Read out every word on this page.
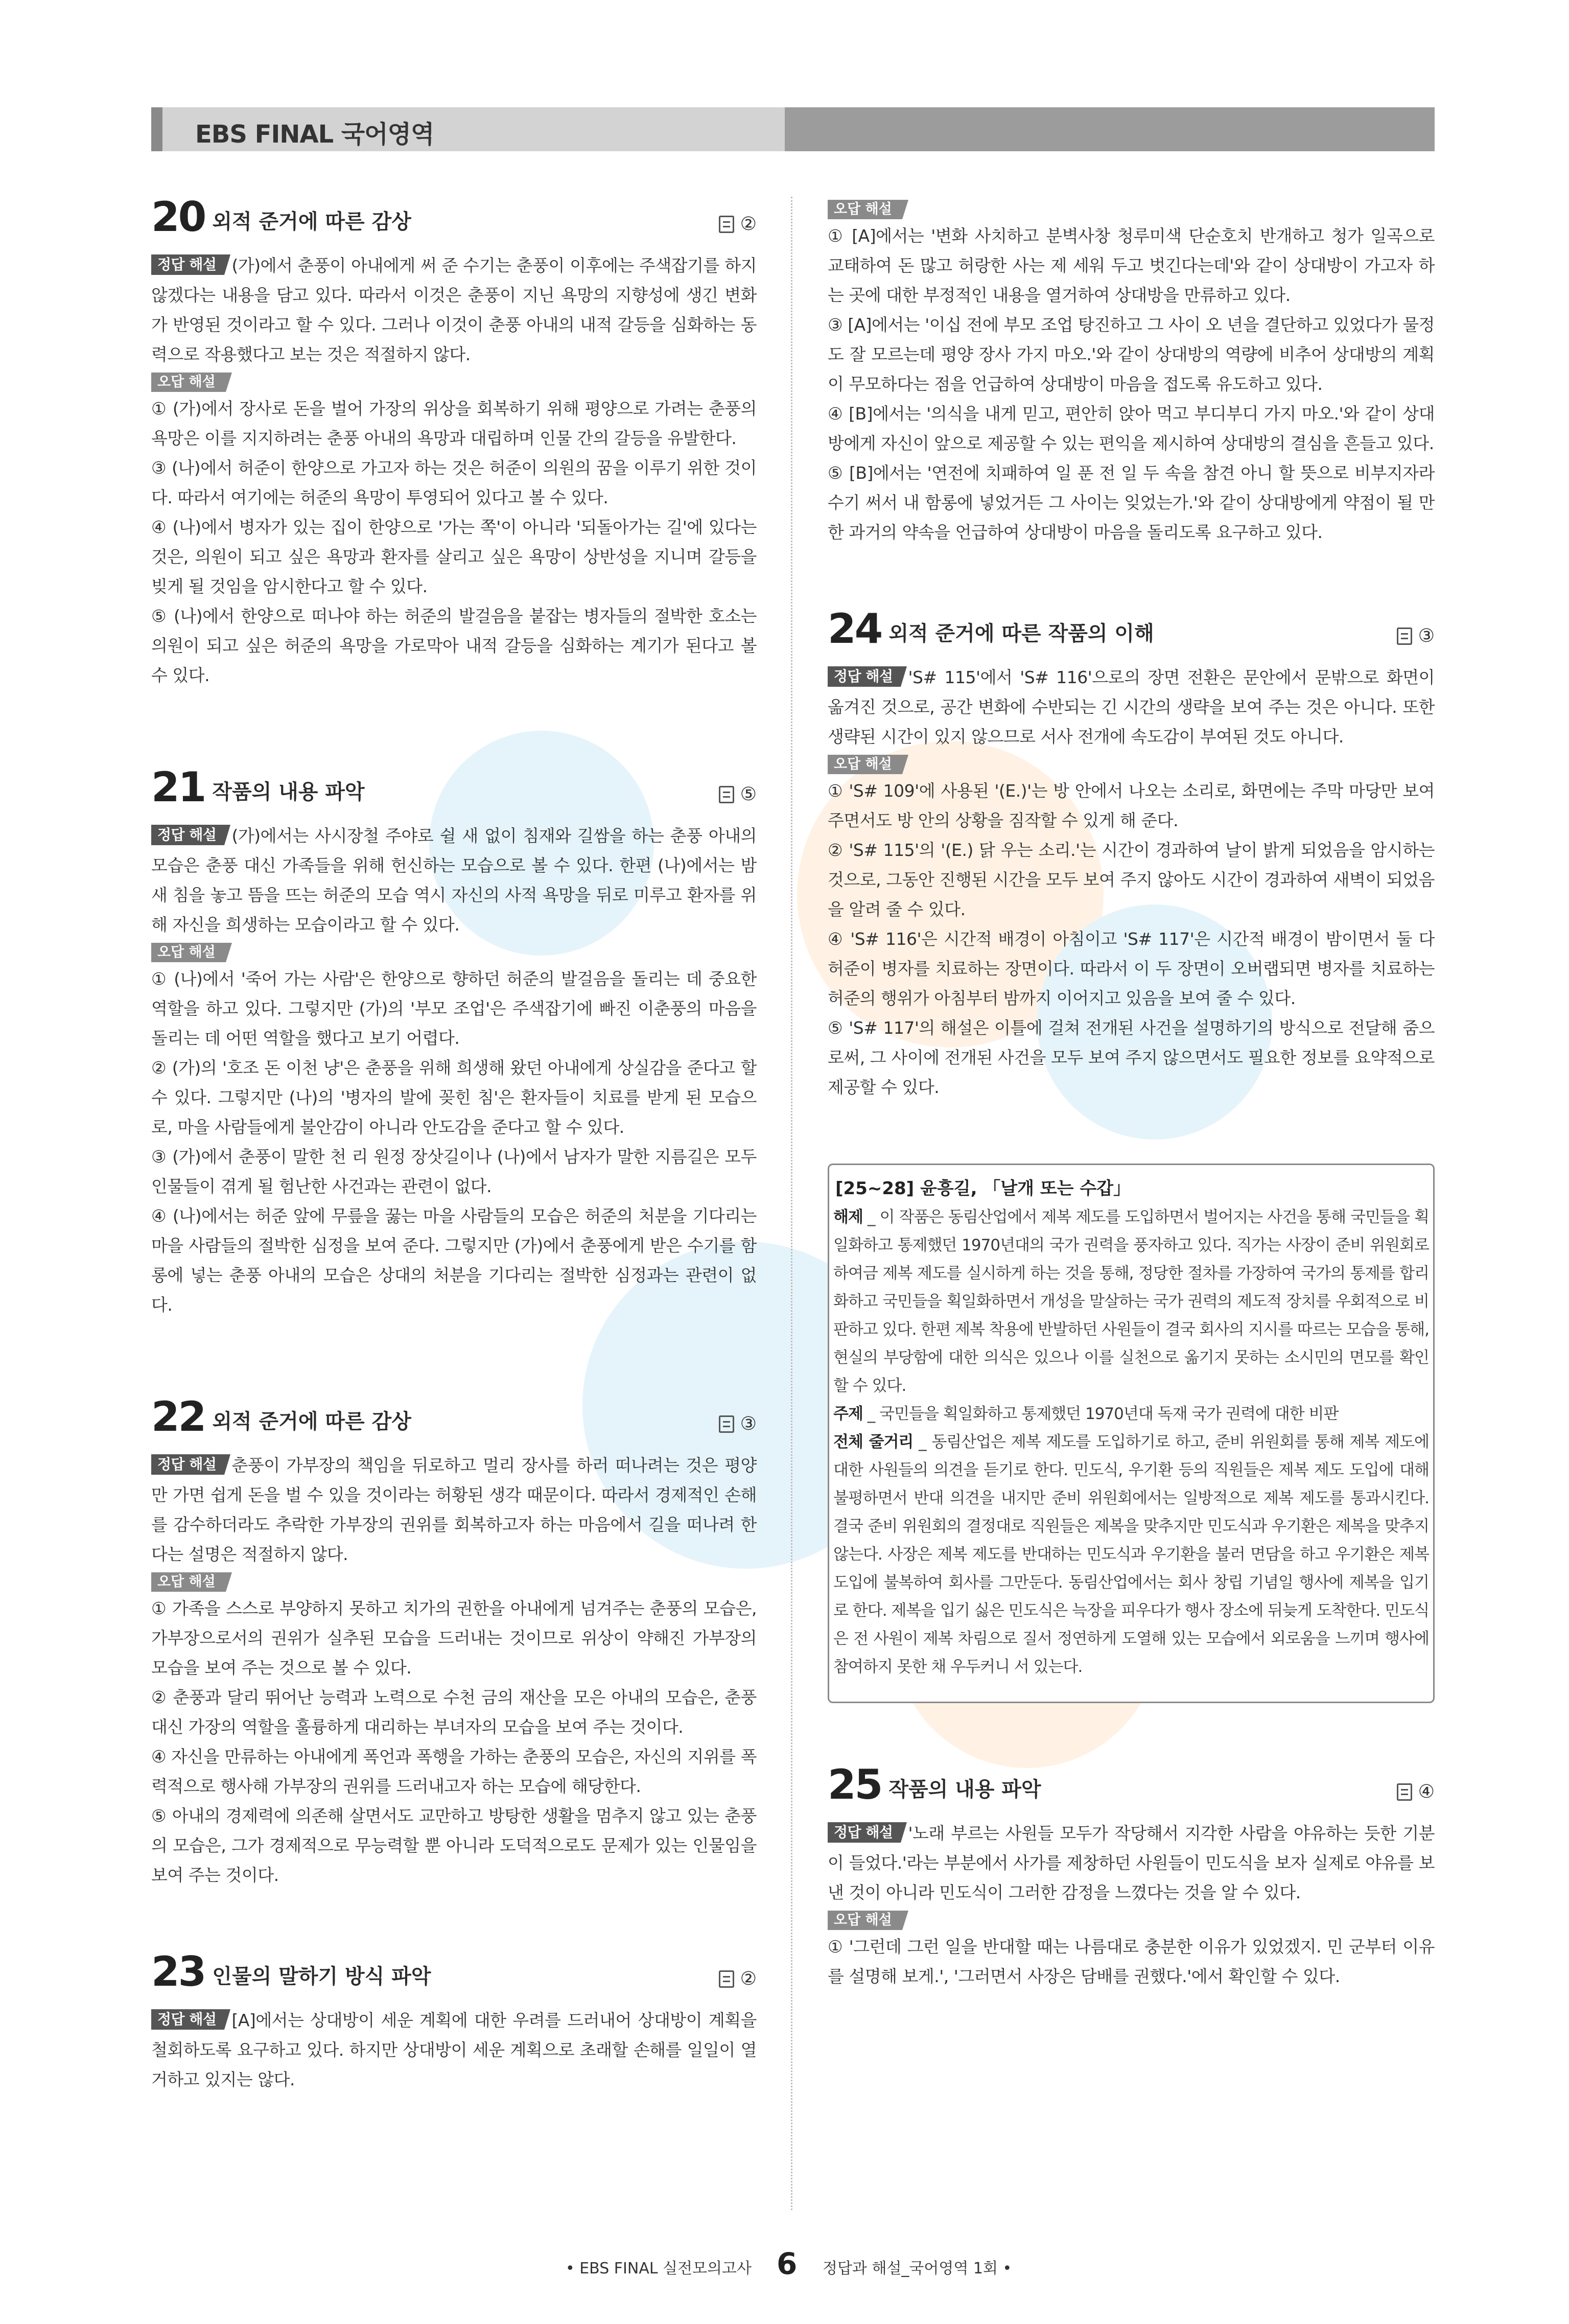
EBS FINAL 국어영역
20 외적 준거에 따른 감상	②

정답 해설 (가)에서 춘풍이 아내에게 써 준 수기는 춘풍이 이후에는 주색잡기를 하지 않겠다는 내용을 담고 있다. 따라서 이것은 춘풍이 지닌 욕망의 지향성에 생긴 변화가 반영된 것이라고 할 수 있다. 그러나 이것이 춘풍 아내의 내적 갈등을 심화하는 동력으로 작용했다고 보는 것은 적절하지 않다.

오답 해설

① (가)에서 장사로 돈을 벌어 가장의 위상을 회복하기 위해 평양으로 가려는 춘풍의 욕망은 이를 지지하려는 춘풍 아내의 욕망과 대립하며 인물 간의 갈등을 유발한다.

③ (나)에서 허준이 한양으로 가고자 하는 것은 허준이 의원의 꿈을 이루기 위한 것이다. 따라서 여기에는 허준의 욕망이 투영되어 있다고 볼 수 있다.

④ (나)에서 병자가 있는 집이 한양으로 '가는 쪽'이 아니라 '되돌아가는 길'에 있다는 것은, 의원이 되고 싶은 욕망과 환자를 살리고 싶은 욕망이 상반성을 지니며 갈등을 빚게 될 것임을 암시한다고 할 수 있다.

⑤ (나)에서 한양으로 떠나야 하는 허준의 발걸음을 붙잡는 병자들의 절박한 호소는 의원이 되고 싶은 허준의 욕망을 가로막아 내적 갈등을 심화하는 계기가 된다고 볼 수 있다.

21 작품의 내용 파악	⑤

정답 해설 (가)에서는 사시장철 주야로 쉴 새 없이 침재와 길쌈을 하는 춘풍 아내의 모습은 춘풍 대신 가족들을 위해 헌신하는 모습으로 볼 수 있다. 한편 (나)에서는 밤새 침을 놓고 뜸을 뜨는 허준의 모습 역시 자신의 사적 욕망을 뒤로 미루고 환자를 위해 자신을 희생하는 모습이라고 할 수 있다.

오답 해설

① (나)에서 '죽어 가는 사람'은 한양으로 향하던 허준의 발걸음을 돌리는 데 중요한 역할을 하고 있다. 그렇지만 (가)의 '부모 조업'은 주색잡기에 빠진 이춘풍의 마음을 돌리는 데 어떤 역할을 했다고 보기 어렵다.

② (가)의 '호조 돈 이천 냥'은 춘풍을 위해 희생해 왔던 아내에게 상실감을 준다고 할 수 있다. 그렇지만 (나)의 '병자의 발에 꽂힌 침'은 환자들이 치료를 받게 된 모습으로, 마을 사람들에게 불안감이 아니라 안도감을 준다고 할 수 있다.

③ (가)에서 춘풍이 말한 천 리 원정 장삿길이나 (나)에서 남자가 말한 지름길은 모두 인물들이 겪게 될 험난한 사건과는 관련이 없다.

④ (나)에서는 허준 앞에 무릎을 꿇는 마을 사람들의 모습은 허준의 처분을 기다리는 마을 사람들의 절박한 심정을 보여 준다. 그렇지만 (가)에서 춘풍에게 받은 수기를 함롱에 넣는 춘풍 아내의 모습은 상대의 처분을 기다리는 절박한 심정과는 관련이 없다.

22 외적 준거에 따른 감상	③

정답 해설 춘풍이 가부장의 책임을 뒤로하고 멀리 장사를 하러 떠나려는 것은 평양만 가면 쉽게 돈을 벌 수 있을 것이라는 허황된 생각 때문이다. 따라서 경제적인 손해를 감수하더라도 추락한 가부장의 권위를 회복하고자 하는 마음에서 길을 떠나려 한다는 설명은 적절하지 않다.

오답 해설

① 가족을 스스로 부양하지 못하고 치가의 권한을 아내에게 넘겨주는 춘풍의 모습은, 가부장으로서의 권위가 실추된 모습을 드러내는 것이므로 위상이 약해진 가부장의 모습을 보여 주는 것으로 볼 수 있다.

② 춘풍과 달리 뛰어난 능력과 노력으로 수천 금의 재산을 모은 아내의 모습은, 춘풍 대신 가장의 역할을 훌륭하게 대리하는 부녀자의 모습을 보여 주는 것이다.

④ 자신을 만류하는 아내에게 폭언과 폭행을 가하는 춘풍의 모습은, 자신의 지위를 폭력적으로 행사해 가부장의 권위를 드러내고자 하는 모습에 해당한다.

⑤ 아내의 경제력에 의존해 살면서도 교만하고 방탕한 생활을 멈추지 않고 있는 춘풍의 모습은, 그가 경제적으로 무능력할 뿐 아니라 도덕적으로도 문제가 있는 인물임을 보여 주는 것이다.

23 인물의 말하기 방식 파악	②

정답 해설 [A]에서는 상대방이 세운 계획에 대한 우려를 드러내어 상대방이 계획을 철회하도록 요구하고 있다. 하지만 상대방이 세운 계획으로 초래할 손해를 일일이 열거하고 있지는 않다.

오답 해설

① [A]에서는 '변화 사치하고 분벽사창 청루미색 단순호치 반개하고 청가 일곡으로 교태하여 돈 많고 허랑한 사는 제 세워 두고 벗긴다는데'와 같이 상대방이 가고자 하는 곳에 대한 부정적인 내용을 열거하여 상대방을 만류하고 있다.

③ [A]에서는 '이십 전에 부모 조업 탕진하고 그 사이 오 년을 결단하고 있었다가 물정도 잘 모르는데 평양 장사 가지 마오.'와 같이 상대방의 역량에 비추어 상대방의 계획이 무모하다는 점을 언급하여 상대방이 마음을 접도록 유도하고 있다.

④ [B]에서는 '의식을 내게 믿고, 편안히 앉아 먹고 부디부디 가지 마오.'와 같이 상대방에게 자신이 앞으로 제공할 수 있는 편익을 제시하여 상대방의 결심을 흔들고 있다.

⑤ [B]에서는 '연전에 치패하여 일 푼 전 일 두 속을 참견 아니 할 뜻으로 비부지자라 수기 써서 내 함롱에 넣었거든 그 사이는 잊었는가.'와 같이 상대방에게 약점이 될 만한 과거의 약속을 언급하여 상대방이 마음을 돌리도록 요구하고 있다.

24 외적 준거에 따른 작품의 이해	③

정답 해설 'S# 115'에서 'S# 116'으로의 장면 전환은 문안에서 문밖으로 화면이 옮겨진 것으로, 공간 변화에 수반되는 긴 시간의 생략을 보여 주는 것은 아니다. 또한 생략된 시간이 있지 않으므로 서사 전개에 속도감이 부여된 것도 아니다.

오답 해설

① 'S# 109'에 사용된 '(E.)'는 방 안에서 나오는 소리로, 화면에는 주막 마당만 보여 주면서도 방 안의 상황을 짐작할 수 있게 해 준다.

② 'S# 115'의 '(E.) 닭 우는 소리.'는 시간이 경과하여 날이 밝게 되었음을 암시하는 것으로, 그동안 진행된 시간을 모두 보여 주지 않아도 시간이 경과하여 새벽이 되었음을 알려 줄 수 있다.

④ 'S# 116'은 시간적 배경이 아침이고 'S# 117'은 시간적 배경이 밤이면서 둘 다 허준이 병자를 치료하는 장면이다. 따라서 이 두 장면이 오버랩되면 병자를 치료하는 허준의 행위가 아침부터 밤까지 이어지고 있음을 보여 줄 수 있다.

⑤ 'S# 117'의 해설은 이틀에 걸쳐 전개된 사건을 설명하기의 방식으로 전달해 줌으로써, 그 사이에 전개된 사건을 모두 보여 주지 않으면서도 필요한 정보를 요약적으로 제공할 수 있다.

[25~28] 윤흥길, 「날개 또는 수갑」

해제 _ 이 작품은 동림산업에서 제복 제도를 도입하면서 벌어지는 사건을 통해 국민들을 획일화하고 통제했던 1970년대의 국가 권력을 풍자하고 있다. 직가는 사장이 준비 위원회로 하여금 제복 제도를 실시하게 하는 것을 통해, 정당한 절차를 가장하여 국가의 통제를 합리화하고 국민들을 획일화하면서 개성을 말살하는 국가 권력의 제도적 장치를 우회적으로 비판하고 있다. 한편 제복 착용에 반발하던 사원들이 결국 회사의 지시를 따르는 모습을 통해, 현실의 부당함에 대한 의식은 있으나 이를 실천으로 옮기지 못하는 소시민의 면모를 확인할 수 있다.

주제 _ 국민들을 획일화하고 통제했던 1970년대 독재 국가 권력에 대한 비판

전체 줄거리 _ 동림산업은 제복 제도를 도입하기로 하고, 준비 위원회를 통해 제복 제도에 대한 사원들의 의견을 듣기로 한다. 민도식, 우기환 등의 직원들은 제복 제도 도입에 대해 불평하면서 반대 의견을 내지만 준비 위원회에서는 일방적으로 제복 제도를 통과시킨다. 결국 준비 위원회의 결정대로 직원들은 제복을 맞추지만 민도식과 우기환은 제복을 맞추지 않는다. 사장은 제복 제도를 반대하는 민도식과 우기환을 불러 면담을 하고 우기환은 제복 도입에 불복하여 회사를 그만둔다. 동림산업에서는 회사 창립 기념일 행사에 제복을 입기로 한다. 제복을 입기 싫은 민도식은 늑장을 피우다가 행사 장소에 뒤늦게 도착한다. 민도식은 전 사원이 제복 차림으로 질서 정연하게 도열해 있는 모습에서 외로움을 느끼며 행사에 참여하지 못한 채 우두커니 서 있는다.

25 작품의 내용 파악	④

정답 해설 '노래 부르는 사원들 모두가 작당해서 지각한 사람을 야유하는 듯한 기분이 들었다.'라는 부분에서 사가를 제창하던 사원들이 민도식을 보자 실제로 야유를 보낸 것이 아니라 민도식이 그러한 감정을 느꼈다는 것을 알 수 있다.

오답 해설

① '그런데 그런 일을 반대할 때는 나름대로 충분한 이유가 있었겠지. 민 군부터 이유를 설명해 보게.', '그러면서 사장은 담배를 권했다.'에서 확인할 수 있다.

• EBS FINAL 실전모의고사 6 정답과 해설_국어영역 1회 •
